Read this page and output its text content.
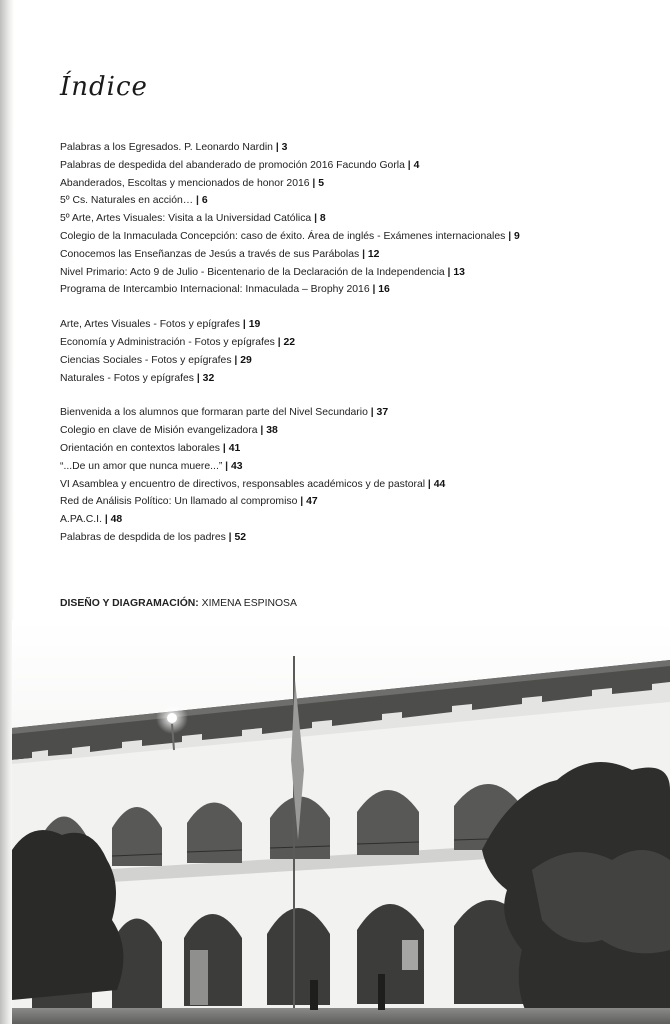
Índice
Palabras a los Egresados. P. Leonardo Nardin | 3
Palabras de despedida del abanderado de promoción 2016 Facundo Gorla | 4
Abanderados, Escoltas y mencionados de honor 2016 | 5
5º Cs. Naturales en acción… | 6
5º Arte, Artes Visuales: Visita a la Universidad Católica | 8
Colegio de la Inmaculada Concepción: caso de éxito. Área de inglés - Exámenes internacionales | 9
Conocemos las Enseñanzas de Jesús a través de sus Parábolas | 12
Nivel Primario: Acto 9 de Julio - Bicentenario de la Declaración de la Independencia | 13
Programa de Intercambio Internacional: Inmaculada – Brophy 2016 | 16
Arte, Artes Visuales - Fotos y epígrafes | 19
Economía y Administración - Fotos y epígrafes | 22
Ciencias Sociales - Fotos y epígrafes | 29
Naturales - Fotos y epígrafes | 32
Bienvenida a los alumnos que formaran parte del Nivel Secundario | 37
Colegio en clave de Misión evangelizadora | 38
Orientación en contextos laborales | 41
“...De un amor que nunca muere...” | 43
VI Asamblea y encuentro de directivos, responsables académicos y de pastoral | 44
Red de Análisis Político: Un llamado al compromiso | 47
A.PA.C.I. | 48
Palabras de despdida de los padres | 52
DISEÑO Y DIAGRAMACIÓN: XIMENA ESPINOSA
